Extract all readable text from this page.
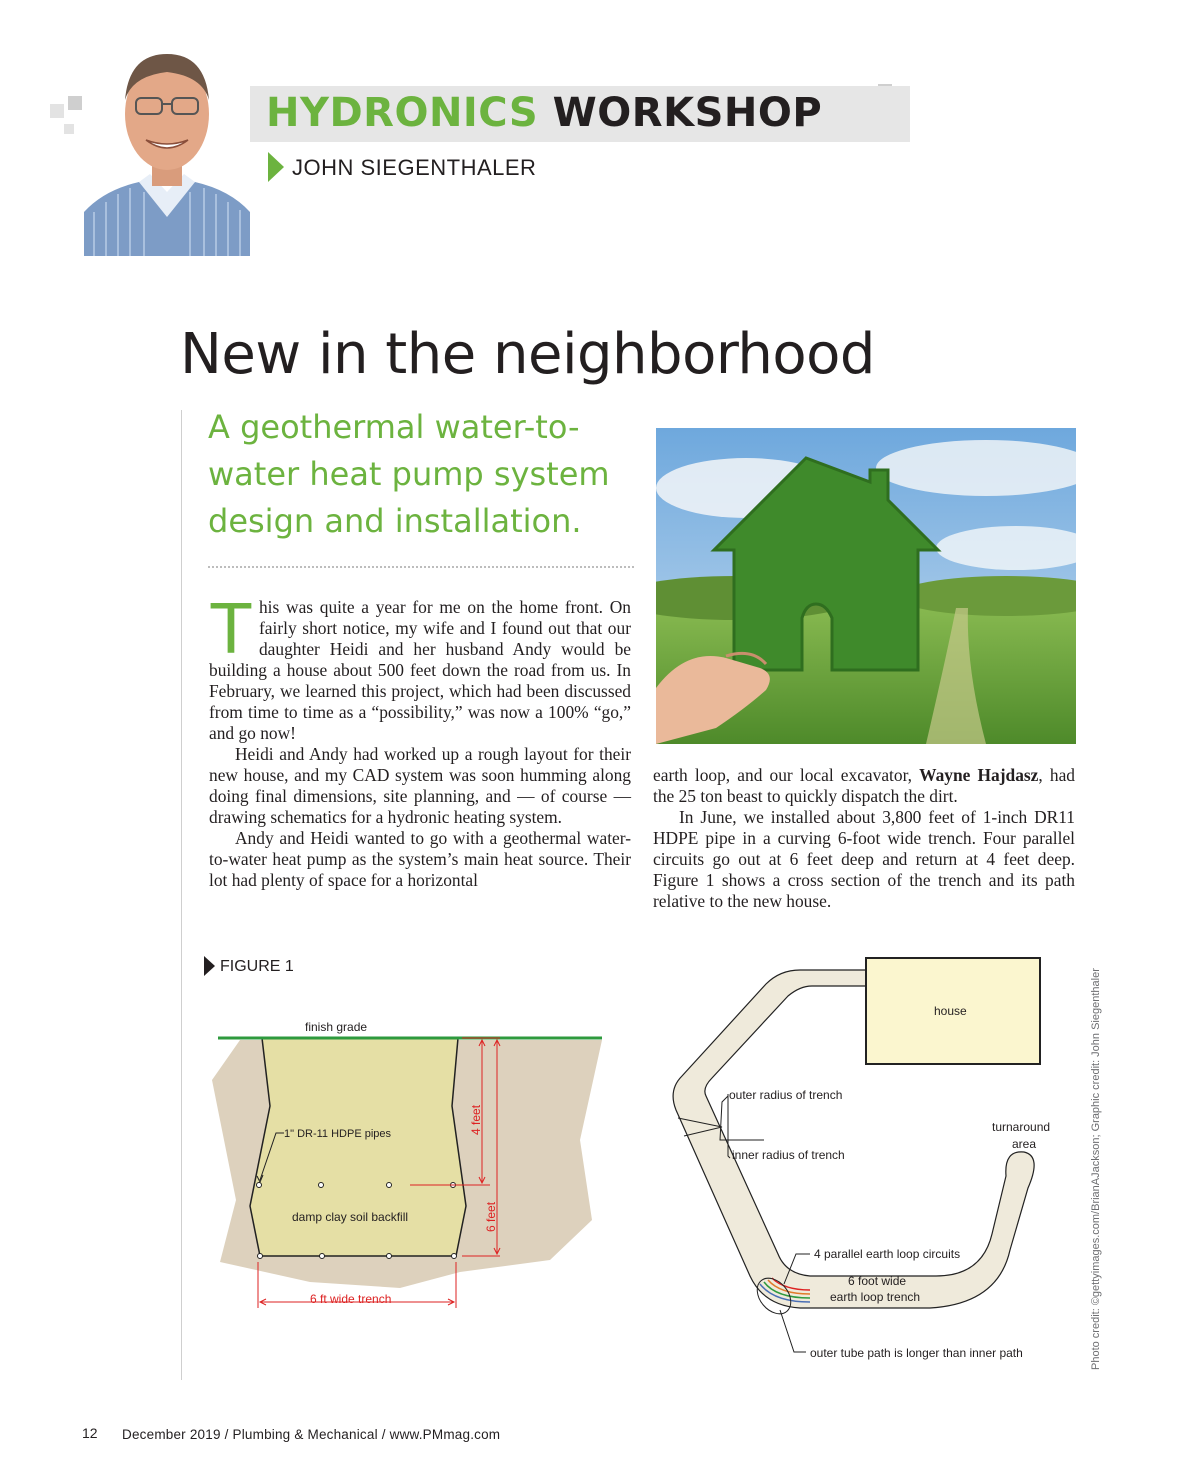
HYDRONICS WORKSHOP
JOHN SIEGENTHALER
New in the neighborhood
A geothermal water-to-water heat pump system design and installation.

This was quite a year for me on the home front. On fairly short notice, my wife and I found out that our daughter Heidi and her husband Andy would be building a house about 500 feet down the road from us. In February, we learned this project, which had been discussed from time to time as a “possibility,” was now a 100% “go,” and go now!

Heidi and Andy had worked up a rough layout for their new house, and my CAD system was soon humming along doing final dimensions, site planning, and — of course — drawing schematics for a hydronic heating system.

Andy and Heidi wanted to go with a geothermal water-to-water heat pump as the system’s main heat source. Their lot had plenty of space for a horizontal

earth loop, and our local excavator, Wayne Hajdasz, had the 25 ton beast to quickly dispatch the dirt.

In June, we installed about 3,800 feet of 1-inch DR11 HDPE pipe in a curving 6-foot wide trench. Four parallel circuits go out at 6 feet deep and return at 4 feet deep. Figure 1 shows a cross section of the trench and its path relative to the new house.

FIGURE 1
finish grade
1" DR-11 HDPE pipes
damp clay soil backfill
4 feet
6 feet
6 ft wide trench
house
outer radius of trench
inner radius of trench
turnaround
area
4 parallel earth loop circuits
6 foot wide
earth loop trench
outer tube path is longer than inner path	Photo credit: ©gettyimages.com/BrianAJackson; Graphic credit: John Siegenthaler
12 December 2019 / Plumbing & Mechanical / www.PMmag.com
